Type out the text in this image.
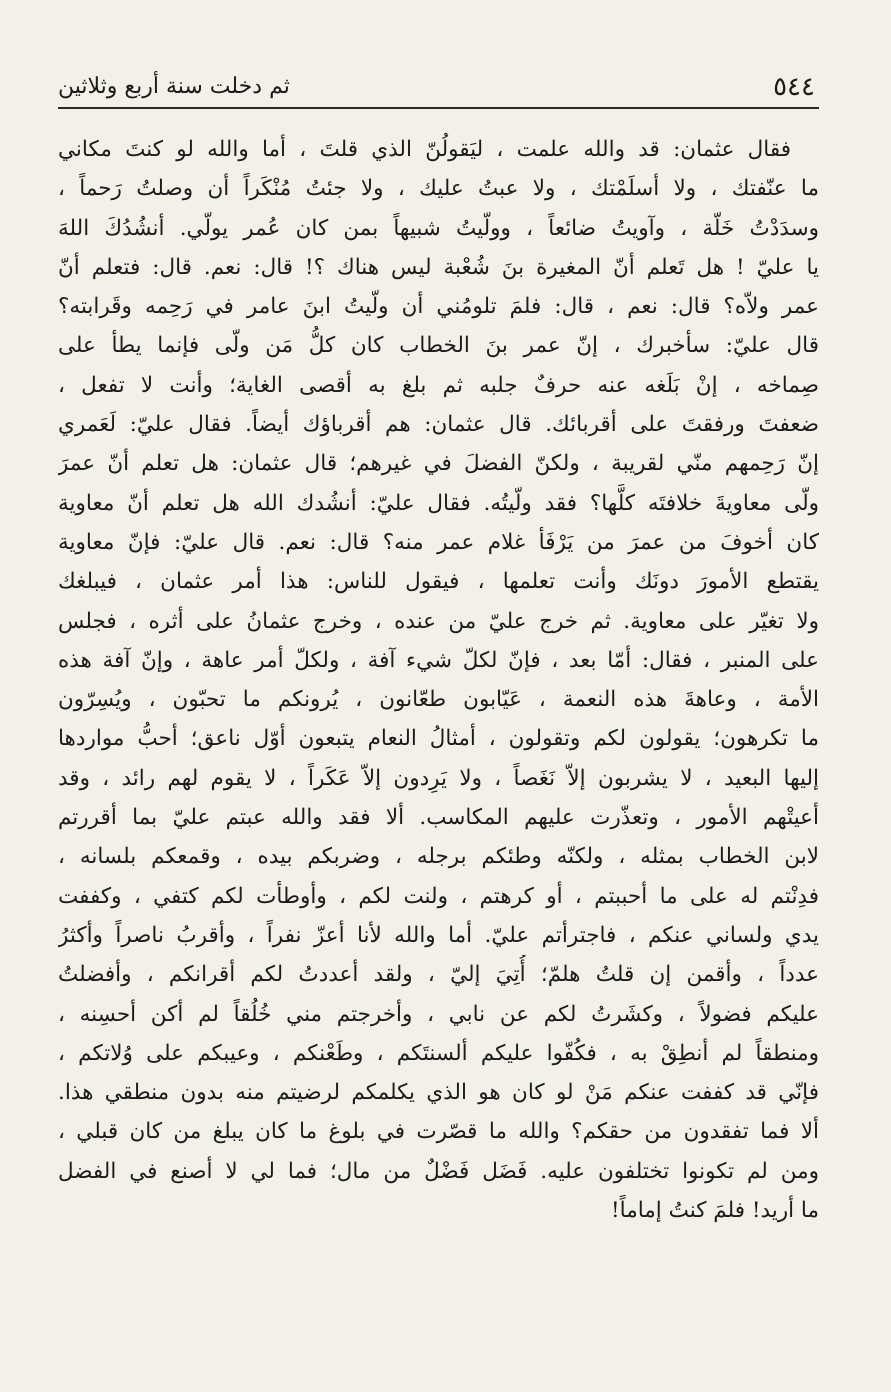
٥٤٤
ثم دخلت سنة أربع وثلاثين
فقال عثمان: قد والله علمت ، ليَقولُنّ الذي قلتَ ، أما والله لو كنتَ مكاني
ما عنّفتك ، ولا أسلَمْتك ، ولا عبتُ عليك ، ولا جئتُ مُنْكَراً أن وصلتُ رَحماً ،
وسدَدْتُ خَلّة ، وآويتُ ضائعاً ، وولّيتُ شبيهاً بمن كان عُمر يولّي. أنشُدُكَ اللهَ
يا عليّ ! هل تَعلم أنّ المغيرة بنَ شُعْبة ليس هناك ؟! قال: نعم. قال: فتعلم أنّ
عمر ولاّه؟ قال: نعم ، قال: فلمَ تلومُني أن ولّيتُ ابنَ عامر في رَحِمه وقَرابته؟
قال عليّ: سأخبرك ، إنّ عمر بنَ الخطاب كان كلُّ مَن ولّى فإنما يطأ على
صِماخه ، إنْ بَلَغه عنه حرفٌ جلبه ثم بلغ به أقصى الغاية؛ وأنت لا تفعل ،
ضعفتَ ورفقتَ على أقربائك. قال عثمان: هم أقرباؤك أيضاً. فقال عليّ: لَعَمري
إنّ رَحِمهم منّي لقريبة ، ولكنّ الفضلَ في غيرهم؛ قال عثمان: هل تعلم أنّ عمرَ
ولّى معاويةَ خلافتَه كلَّها؟ فقد ولّيتُه. فقال عليّ: أنشُدك الله هل تعلم أنّ معاوية
كان أخوفَ من عمرَ من يَرْفَأ غلام عمر منه؟ قال: نعم. قال عليّ: فإنّ معاوية
يقتطع الأمورَ دونَك وأنت تعلمها ، فيقول للناس: هذا أمر عثمان ، فيبلغك
ولا تغيّر على معاوية. ثم خرج عليّ من عنده ، وخرج عثمانُ على أثره ، فجلس
على المنبر ، فقال: أمّا بعد ، فإنّ لكلّ شيء آفة ، ولكلّ أمر عاهة ، وإنّ آفة هذه
الأمة ، وعاهةَ هذه النعمة ، عَيّابون طعّانون ، يُرونكم ما تحبّون ، ويُسِرّون
ما تكرهون؛ يقولون لكم وتقولون ، أمثالُ النعام يتبعون أوّل ناعق؛ أحبُّ مواردها
إليها البعيد ، لا يشربون إلاّ نَغَصاً ، ولا يَرِدون إلاّ عَكَراً ، لا يقوم لهم رائد ، وقد
أعيتْهم الأمور ، وتعذّرت عليهم المكاسب. ألا فقد والله عبتم عليّ بما أقررتم
لابن الخطاب بمثله ، ولكنّه وطئكم برجله ، وضربكم بيده ، وقمعكم بلسانه ،
فدِنْتم له على ما أحببتم ، أو كرهتم ، ولنت لكم ، وأوطأت لكم كتفي ، وكففت
يدي ولساني عنكم ، فاجترأتم عليّ. أما والله لأنا أعزّ نفراً ، وأقربُ ناصراً وأكثرُ
عدداً ، وأقمن إن قلتُ هلمّ؛ أُتِيَ إليّ ، ولقد أعددتُ لكم أقرانكم ، وأفضلتُ
عليكم فضولاً ، وكشَرتُ لكم عن نابي ، وأخرجتم مني خُلُقاً لم أكن أحسِنه ،
ومنطقاً لم أنطِقْ به ، فكُفّوا عليكم ألسنتَكم ، وطَعْنكم ، وعيبكم على وُلاتكم ،
فإنّي قد كففت عنكم مَنْ لو كان هو الذي يكلمكم لرضيتم منه بدون منطقي هذا.
ألا فما تفقدون من حقكم؟ والله ما قصّرت في بلوغ ما كان يبلغ من كان قبلي ،
ومن لم تكونوا تختلفون عليه. فَضَل فَضْلٌ من مال؛ فما لي لا أصنع في الفضل
ما أريد! فلمَ كنتُ إماماً!
